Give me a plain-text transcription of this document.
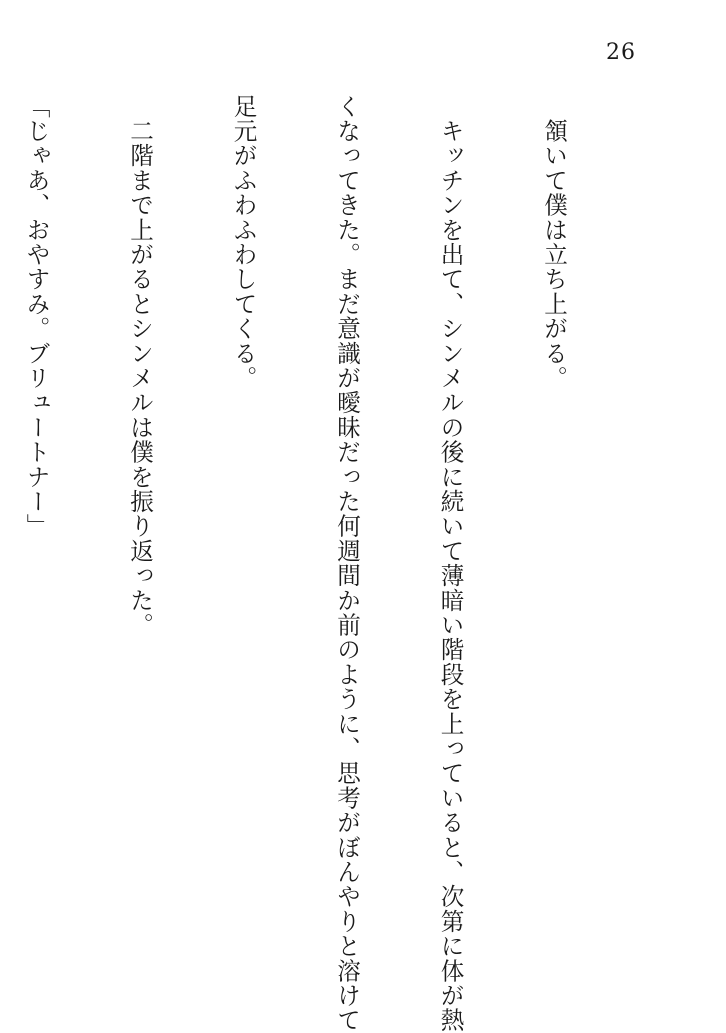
26

　頷いて僕は立ち上がる。

　キッチンを出て、シンメルの後に続いて薄暗い階段を上っていると、次第に体が熱

くなってきた。まだ意識が曖昧だった何週間か前のように、思考がぼんやりと溶けて

足元がふわふわしてくる。

　二階まで上がるとシンメルは僕を振り返った。

「じゃあ、おやすみ。ブリュートナー」
